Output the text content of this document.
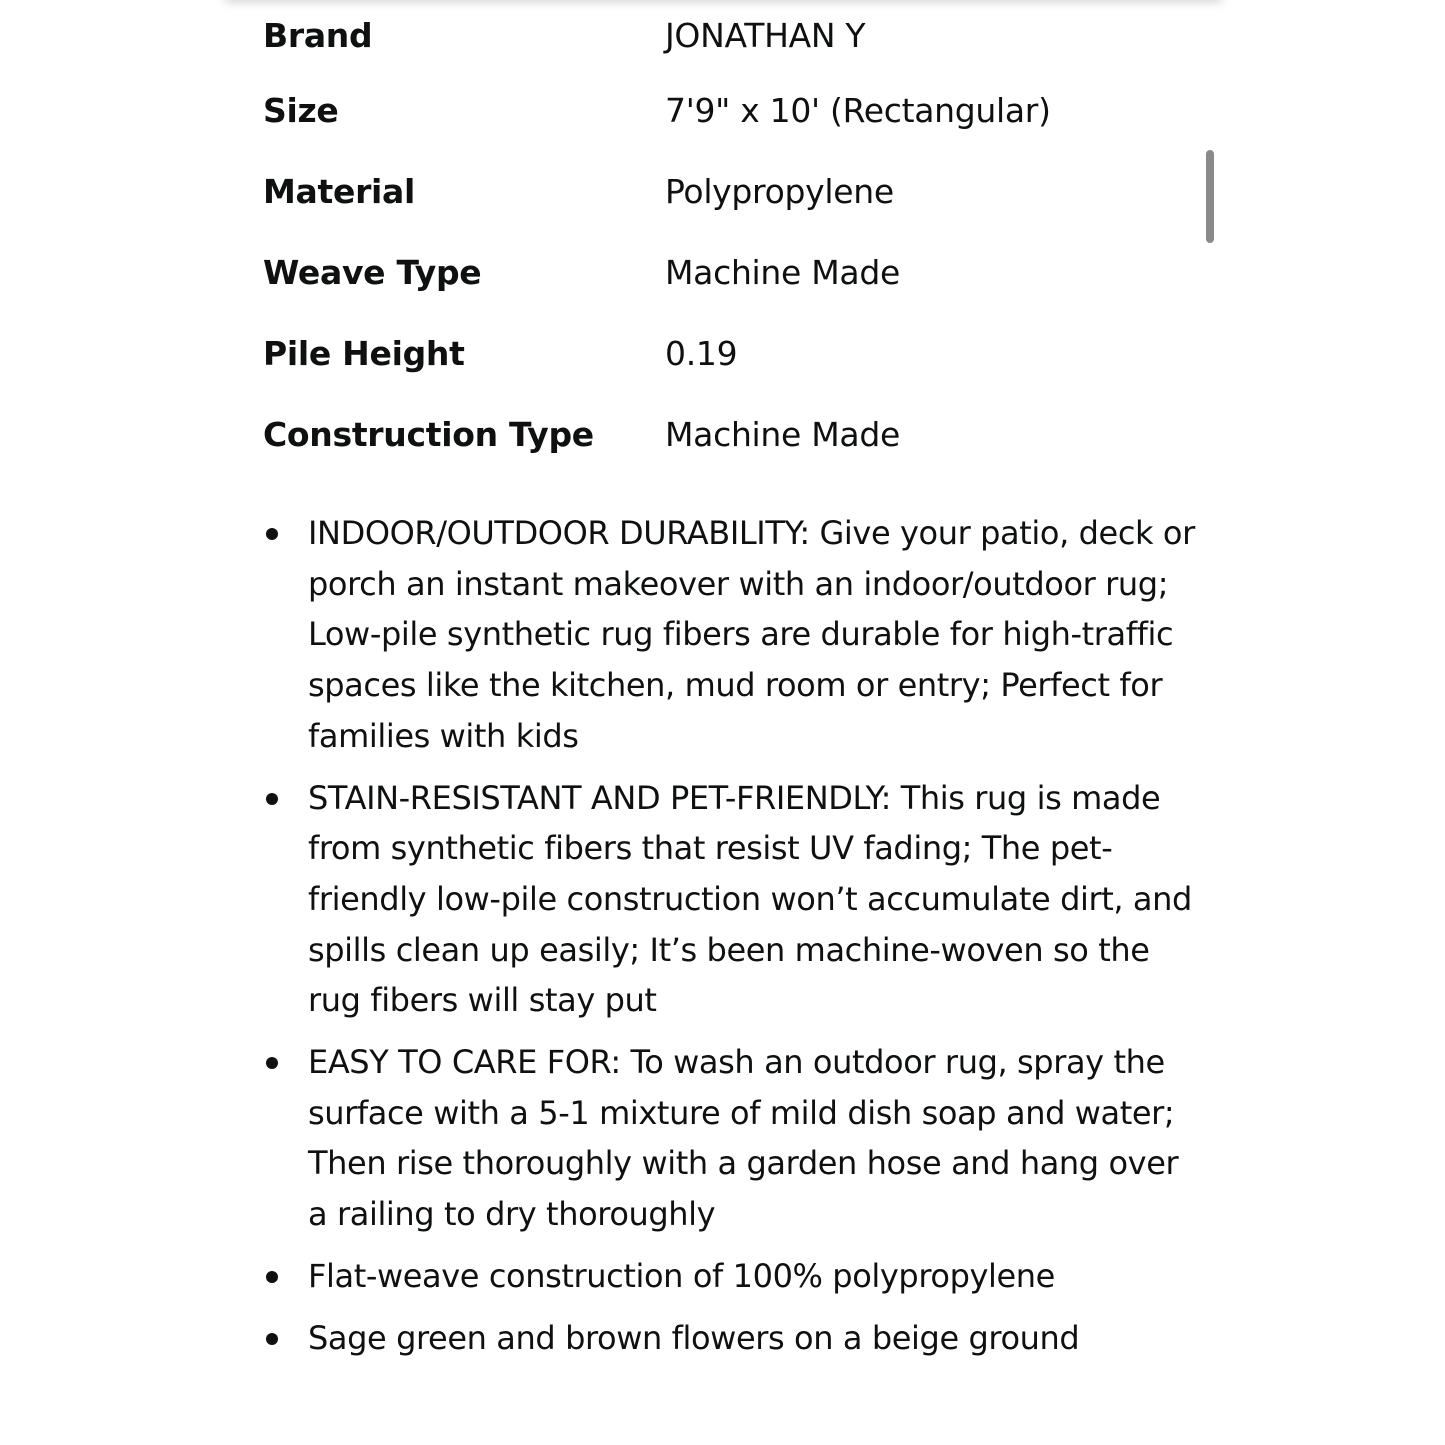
Brand	JONATHAN Y
Size	7'9" x 10' (Rectangular)
Material	Polypropylene
Weave Type	Machine Made
Pile Height	0.19
Construction Type	Machine Made
INDOOR/OUTDOOR DURABILITY: Give your patio, deck or porch an instant makeover with an indoor/outdoor rug; Low-pile synthetic rug fibers are durable for high-traffic spaces like the kitchen, mud room or entry; Perfect for families with kids
STAIN-RESISTANT AND PET-FRIENDLY: This rug is made from synthetic fibers that resist UV fading; The pet-friendly low-pile construction won’t accumulate dirt, and spills clean up easily; It’s been machine-woven so the rug fibers will stay put
EASY TO CARE FOR: To wash an outdoor rug, spray the surface with a 5-1 mixture of mild dish soap and water; Then rise thoroughly with a garden hose and hang over a railing to dry thoroughly
Flat-weave construction of 100% polypropylene
Sage green and brown flowers on a beige ground
